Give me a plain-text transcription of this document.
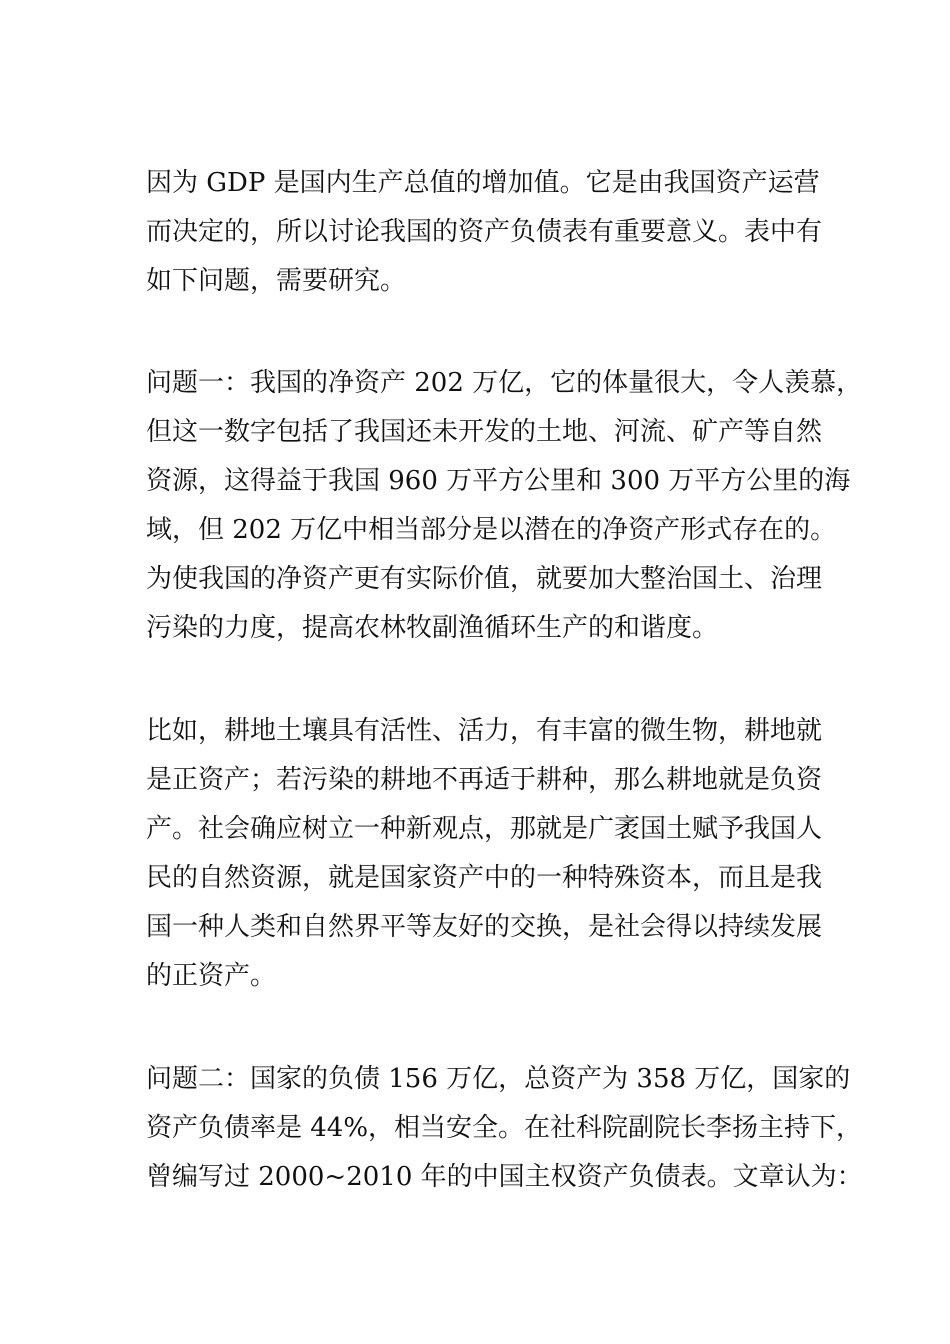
因为 GDP 是国内生产总值的增加值。它是由我国资产运营
而决定的，所以讨论我国的资产负债表有重要意义。表中有
如下问题，需要研究。
问题一：我国的净资产 202 万亿，它的体量很大，令人羡慕，
但这一数字包括了我国还未开发的土地、河流、矿产等自然
资源，这得益于我国 960 万平方公里和 300 万平方公里的海
域，但 202 万亿中相当部分是以潜在的净资产形式存在的。
为使我国的净资产更有实际价值，就要加大整治国土、治理
污染的力度，提高农林牧副渔循环生产的和谐度。
比如，耕地土壤具有活性、活力，有丰富的微生物，耕地就
是正资产；若污染的耕地不再适于耕种，那么耕地就是负资
产。社会确应树立一种新观点，那就是广袤国土赋予我国人
民的自然资源，就是国家资产中的一种特殊资本，而且是我
国一种人类和自然界平等友好的交换，是社会得以持续发展
的正资产。
问题二：国家的负债 156 万亿，总资产为 358 万亿，国家的
资产负债率是 44%，相当安全。在社科院副院长李扬主持下，
曾编写过 2000~2010 年的中国主权资产负债表。文章认为：
